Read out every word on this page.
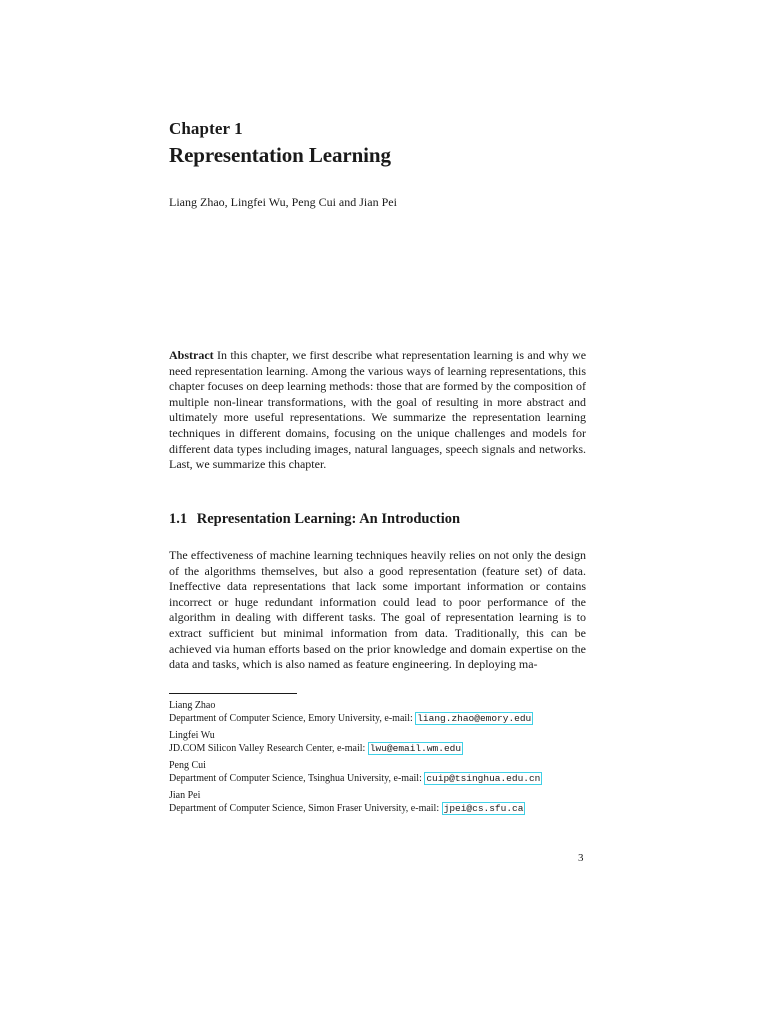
Chapter 1
Representation Learning
Liang Zhao, Lingfei Wu, Peng Cui and Jian Pei
Abstract In this chapter, we first describe what representation learning is and why we need representation learning. Among the various ways of learning representations, this chapter focuses on deep learning methods: those that are formed by the composition of multiple non-linear transformations, with the goal of resulting in more abstract and ultimately more useful representations. We summarize the representation learning techniques in different domains, focusing on the unique challenges and models for different data types including images, natural languages, speech signals and networks. Last, we summarize this chapter.
1.1 Representation Learning: An Introduction
The effectiveness of machine learning techniques heavily relies on not only the design of the algorithms themselves, but also a good representation (feature set) of data. Ineffective data representations that lack some important information or contains incorrect or huge redundant information could lead to poor performance of the algorithm in dealing with different tasks. The goal of representation learning is to extract sufficient but minimal information from data. Traditionally, this can be achieved via human efforts based on the prior knowledge and domain expertise on the data and tasks, which is also named as feature engineering. In deploying ma-
Liang Zhao
Department of Computer Science, Emory University, e-mail: liang.zhao@emory.edu
Lingfei Wu
JD.COM Silicon Valley Research Center, e-mail: lwu@email.wm.edu
Peng Cui
Department of Computer Science, Tsinghua University, e-mail: cuip@tsinghua.edu.cn
Jian Pei
Department of Computer Science, Simon Fraser University, e-mail: jpei@cs.sfu.ca
3
